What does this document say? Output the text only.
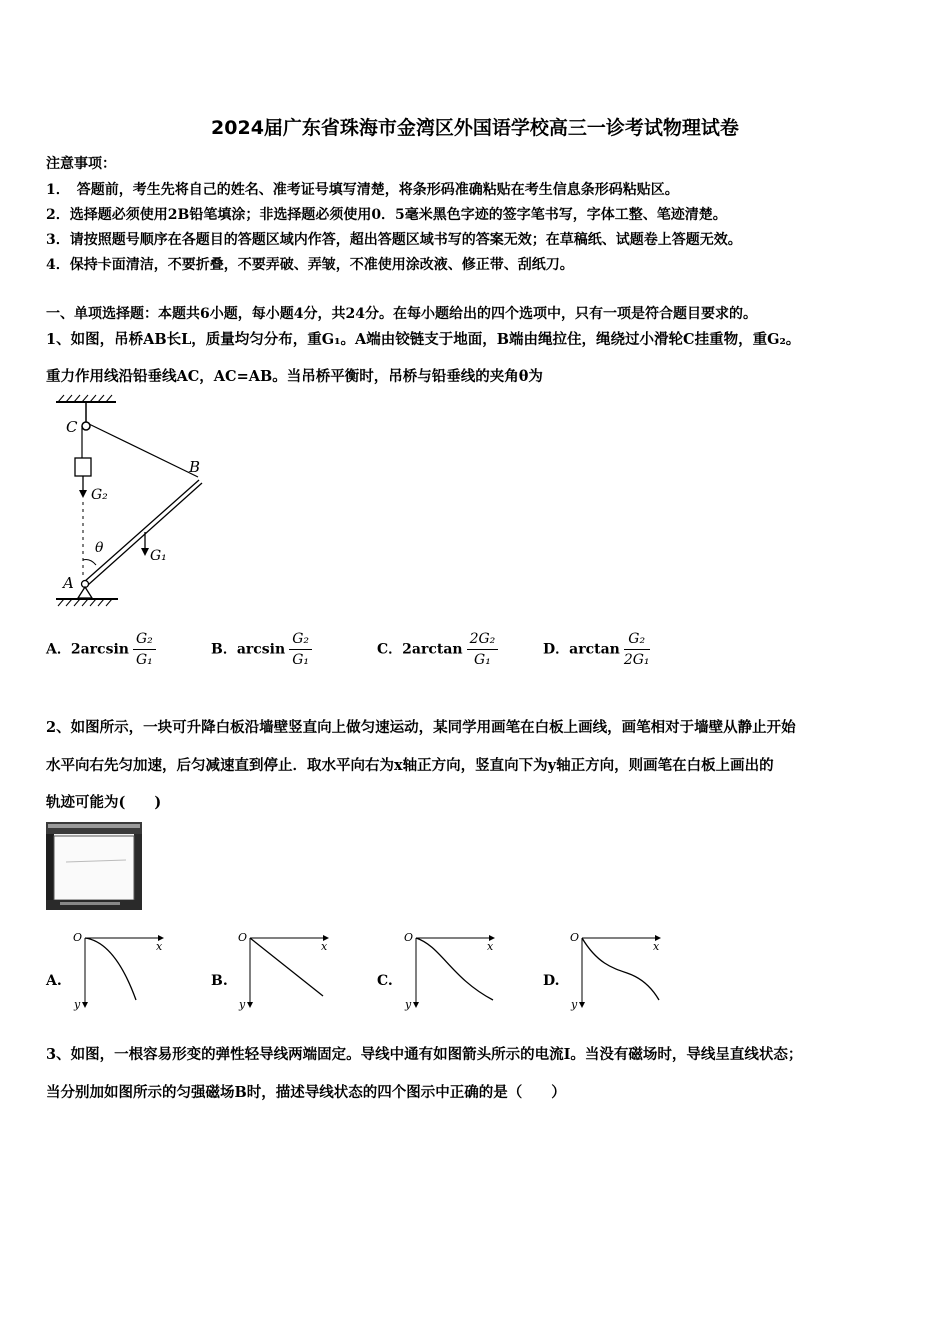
2024届广东省珠海市金湾区外国语学校高三一诊考试物理试卷
注意事项：
1．　答题前，考生先将自己的姓名、准考证号填写清楚，将条形码准确粘贴在考生信息条形码粘贴区。
2．选择题必须使用2B铅笔填涂；非选择题必须使用0．5毫米黑色字迹的签字笔书写，字体工整、笔迹清楚。
3．请按照题号顺序在各题目的答题区域内作答，超出答题区域书写的答案无效；在草稿纸、试题卷上答题无效。
4．保持卡面清洁，不要折叠，不要弄破、弄皱，不准使用涂改液、修正带、刮纸刀。
一、单项选择题：本题共6小题，每小题4分，共24分。在每小题给出的四个选项中，只有一项是符合题目要求的。
1、如图，吊桥AB长L，质量均匀分布，重G₁。A端由铰链支于地面，B端由绳拉住，绳绕过小滑轮C挂重物，重G₂。
重力作用线沿铅垂线AC，AC=AB。当吊桥平衡时，吊桥与铅垂线的夹角θ为
C
B
A
G₂
G₁
θ
A．$2\arcsin \frac{\text{G₂}}{\text{G₁}}$	B．$\arcsin \frac{\text{G₂}}{\text{G₁}}$	C．$2\arctan \frac{\text{2G₂}}{\text{G₁}}$	D．$\arctan \frac{\text{G₂}}{\text{2G₁}}$
2、如图所示，一块可升降白板沿墙壁竖直向上做匀速运动，某同学用画笔在白板上画线，画笔相对于墙壁从静止开始
水平向右先匀加速，后匀减速直到停止．取水平向右为x轴正方向，竖直向下为y轴正方向，则画笔在白板上画出的
轨迹可能为(　　)
A.
O
x
y
B.
O
x
y
C.
O
x
y
D.
O
x
y
3、如图，一根容易形变的弹性轻导线两端固定。导线中通有如图箭头所示的电流I。当没有磁场时，导线呈直线状态；
当分别加如图所示的匀强磁场B时，描述导线状态的四个图示中正确的是（　　）
